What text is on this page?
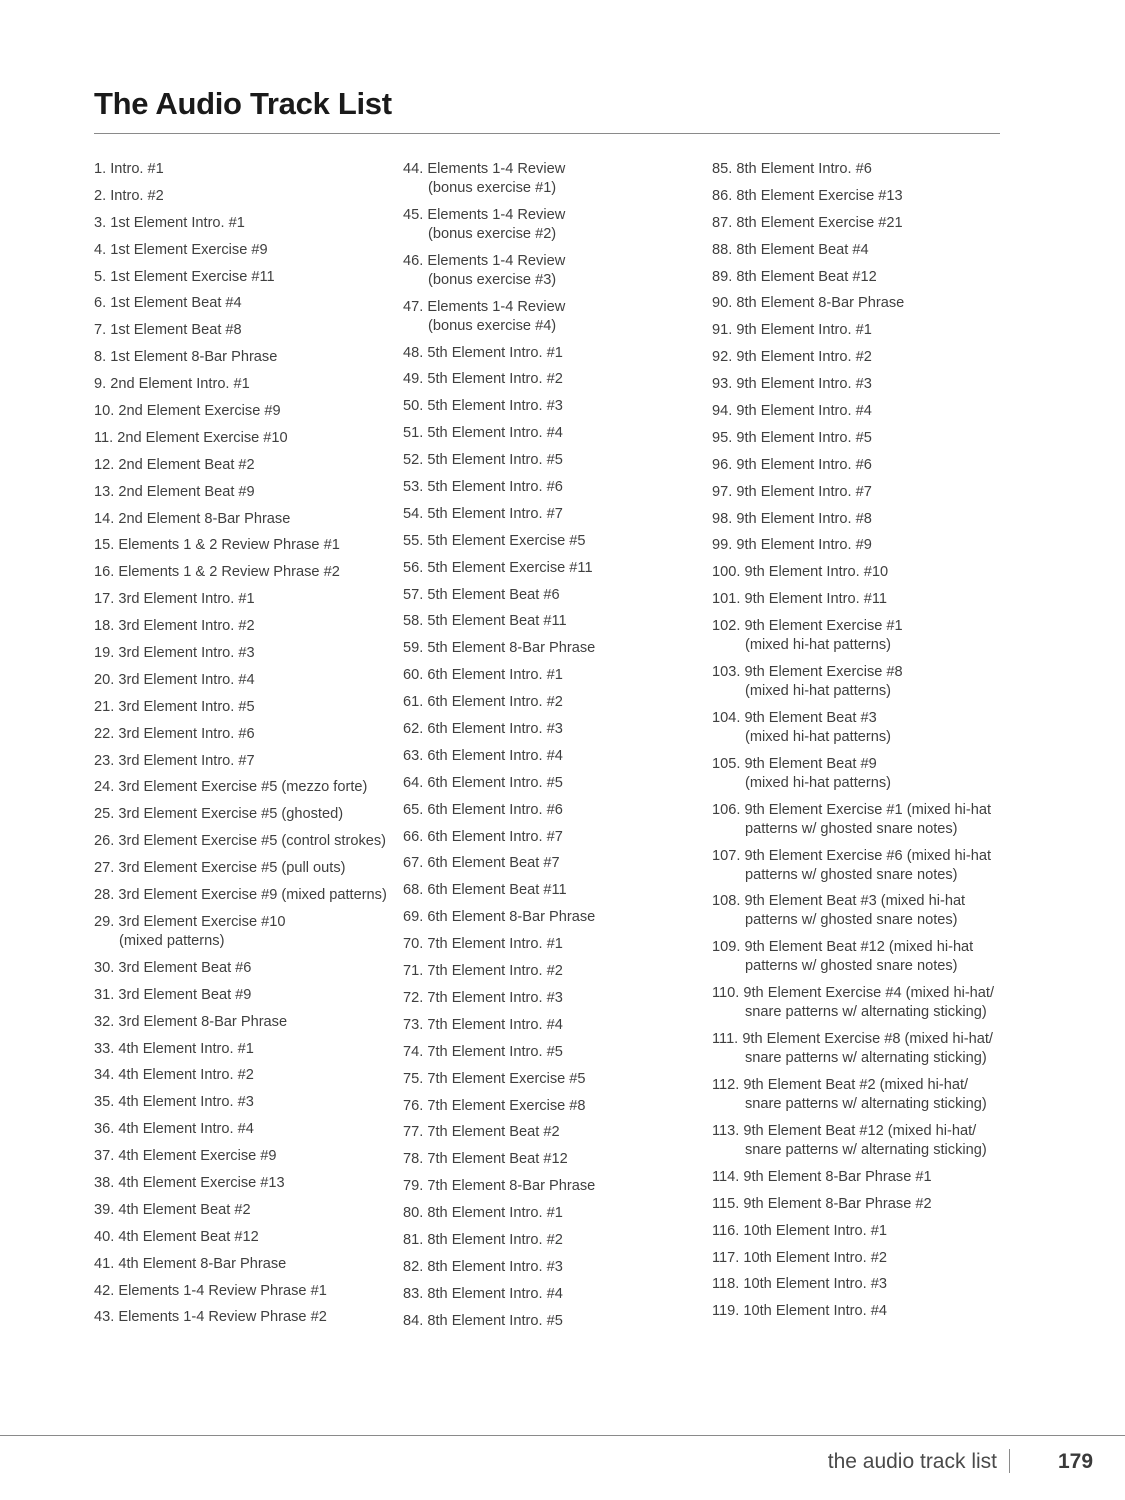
The Audio Track List
1. Intro. #1
2. Intro. #2
3. 1st Element Intro. #1
4. 1st Element Exercise #9
5. 1st Element Exercise #11
6. 1st Element Beat #4
7. 1st Element Beat #8
8. 1st Element 8-Bar Phrase
9. 2nd Element Intro. #1
10. 2nd Element Exercise #9
11. 2nd Element Exercise #10
12. 2nd Element Beat #2
13. 2nd Element Beat #9
14. 2nd Element 8-Bar Phrase
15. Elements 1 & 2 Review Phrase #1
16. Elements 1 & 2 Review Phrase #2
17. 3rd Element Intro. #1
18. 3rd Element Intro. #2
19. 3rd Element Intro. #3
20. 3rd Element Intro. #4
21. 3rd Element Intro. #5
22. 3rd Element Intro. #6
23. 3rd Element Intro. #7
24. 3rd Element Exercise #5 (mezzo forte)
25. 3rd Element Exercise #5 (ghosted)
26. 3rd Element Exercise #5 (control strokes)
27. 3rd Element Exercise #5 (pull outs)
28. 3rd Element Exercise #9 (mixed patterns)
29. 3rd Element Exercise #10
(mixed patterns)
30. 3rd Element Beat #6
31. 3rd Element Beat #9
32. 3rd Element 8-Bar Phrase
33. 4th Element Intro. #1
34. 4th Element Intro. #2
35. 4th Element Intro. #3
36. 4th Element Intro. #4
37. 4th Element Exercise #9
38. 4th Element Exercise #13
39. 4th Element Beat #2
40. 4th Element Beat #12
41. 4th Element 8-Bar Phrase
42. Elements 1-4 Review Phrase #1
43. Elements 1-4 Review Phrase #2
44. Elements 1-4 Review
(bonus exercise #1)
45. Elements 1-4 Review
(bonus exercise #2)
46. Elements 1-4 Review
(bonus exercise #3)
47. Elements 1-4 Review
(bonus exercise #4)
48. 5th Element Intro. #1
49. 5th Element Intro. #2
50. 5th Element Intro. #3
51. 5th Element Intro. #4
52. 5th Element Intro. #5
53. 5th Element Intro. #6
54. 5th Element Intro. #7
55. 5th Element Exercise #5
56. 5th Element Exercise #11
57. 5th Element Beat #6
58. 5th Element Beat #11
59. 5th Element 8-Bar Phrase
60. 6th Element Intro. #1
61. 6th Element Intro. #2
62. 6th Element Intro. #3
63. 6th Element Intro. #4
64. 6th Element Intro. #5
65. 6th Element Intro. #6
66. 6th Element Intro. #7
67. 6th Element Beat #7
68. 6th Element Beat #11
69. 6th Element 8-Bar Phrase
70. 7th Element Intro. #1
71. 7th Element Intro. #2
72. 7th Element Intro. #3
73. 7th Element Intro. #4
74. 7th Element Intro. #5
75. 7th Element Exercise #5
76. 7th Element Exercise #8
77. 7th Element Beat #2
78. 7th Element Beat #12
79. 7th Element 8-Bar Phrase
80. 8th Element Intro. #1
81. 8th Element Intro. #2
82. 8th Element Intro. #3
83. 8th Element Intro. #4
84. 8th Element Intro. #5
85. 8th Element Intro. #6
86. 8th Element Exercise #13
87. 8th Element Exercise #21
88. 8th Element Beat #4
89. 8th Element Beat #12
90. 8th Element 8-Bar Phrase
91. 9th Element Intro. #1
92. 9th Element Intro. #2
93. 9th Element Intro. #3
94. 9th Element Intro. #4
95. 9th Element Intro. #5
96. 9th Element Intro. #6
97. 9th Element Intro. #7
98. 9th Element Intro. #8
99. 9th Element Intro. #9
100. 9th Element Intro. #10
101. 9th Element Intro. #11
102. 9th Element Exercise #1
(mixed hi-hat patterns)
103. 9th Element Exercise #8
(mixed hi-hat patterns)
104. 9th Element Beat #3
(mixed hi-hat patterns)
105. 9th Element Beat #9
(mixed hi-hat patterns)
106. 9th Element Exercise #1 (mixed hi-hat
patterns w/ ghosted snare notes)
107. 9th Element Exercise #6 (mixed hi-hat
patterns w/ ghosted snare notes)
108. 9th Element Beat #3 (mixed hi-hat
patterns w/ ghosted snare notes)
109. 9th Element Beat #12 (mixed hi-hat
patterns w/ ghosted snare notes)
110. 9th Element Exercise #4 (mixed hi-hat/
snare patterns w/ alternating sticking)
111. 9th Element Exercise #8 (mixed hi-hat/
snare patterns w/ alternating sticking)
112. 9th Element Beat #2 (mixed hi-hat/
snare patterns w/ alternating sticking)
113. 9th Element Beat #12 (mixed hi-hat/
snare patterns w/ alternating sticking)
114. 9th Element 8-Bar Phrase #1
115. 9th Element 8-Bar Phrase #2
116. 10th Element Intro. #1
117. 10th Element Intro. #2
118. 10th Element Intro. #3
119. 10th Element Intro. #4
the audio track list	179
